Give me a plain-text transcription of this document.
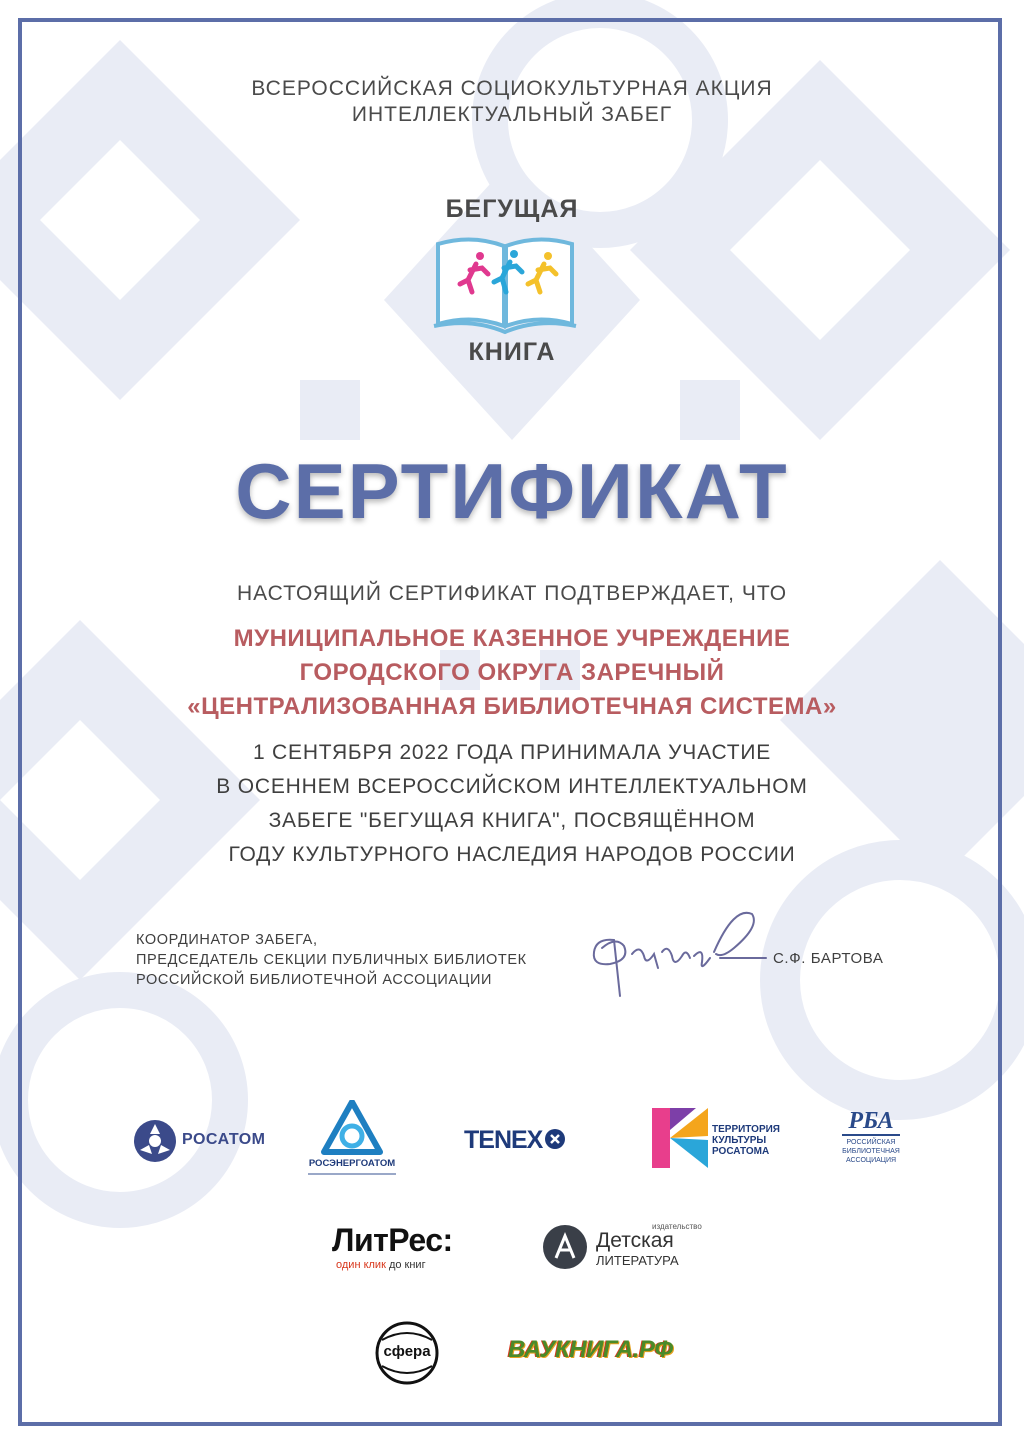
ВСЕРОССИЙСКАЯ СОЦИОКУЛЬТУРНАЯ АКЦИЯ
ИНТЕЛЛЕКТУАЛЬНЫЙ ЗАБЕГ
БЕГУЩАЯ
КНИГА
СЕРТИФИКАТ
НАСТОЯЩИЙ СЕРТИФИКАТ ПОДТВЕРЖДАЕТ, ЧТО
МУНИЦИПАЛЬНОЕ КАЗЕННОЕ УЧРЕЖДЕНИЕ
ГОРОДСКОГО ОКРУГА ЗАРЕЧНЫЙ
«ЦЕНТРАЛИЗОВАННАЯ БИБЛИОТЕЧНАЯ СИСТЕМА»
1 СЕНТЯБРЯ 2022 ГОДА ПРИНИМАЛА УЧАСТИЕ
В ОСЕННЕМ ВСЕРОССИЙСКОМ ИНТЕЛЛЕКТУАЛЬНОМ
ЗАБЕГЕ "БЕГУЩАЯ КНИГА", ПОСВЯЩЁННОМ
ГОДУ КУЛЬТУРНОГО НАСЛЕДИЯ НАРОДОВ РОССИИ
КООРДИНАТОР ЗАБЕГА,
ПРЕДСЕДАТЕЛЬ СЕКЦИИ ПУБЛИЧНЫХ БИБЛИОТЕК
РОССИЙСКОЙ БИБЛИОТЕЧНОЙ АССОЦИАЦИИ
С.Ф. БАРТОВА
РОСАТОМ
РОСЭНЕРГОАТОМ
TENEX	ТЕРРИТОРИЯ
КУЛЬТУРЫ
РОСАТОМА
РБА
РОССИЙСКАЯ
БИБЛИОТЕЧНАЯ
АССОЦИАЦИЯ
ЛитРес:
один клик до книг
издательство
Детская
ЛИТЕРАТУРА
сфера	ВАУКНИГА.РФ
